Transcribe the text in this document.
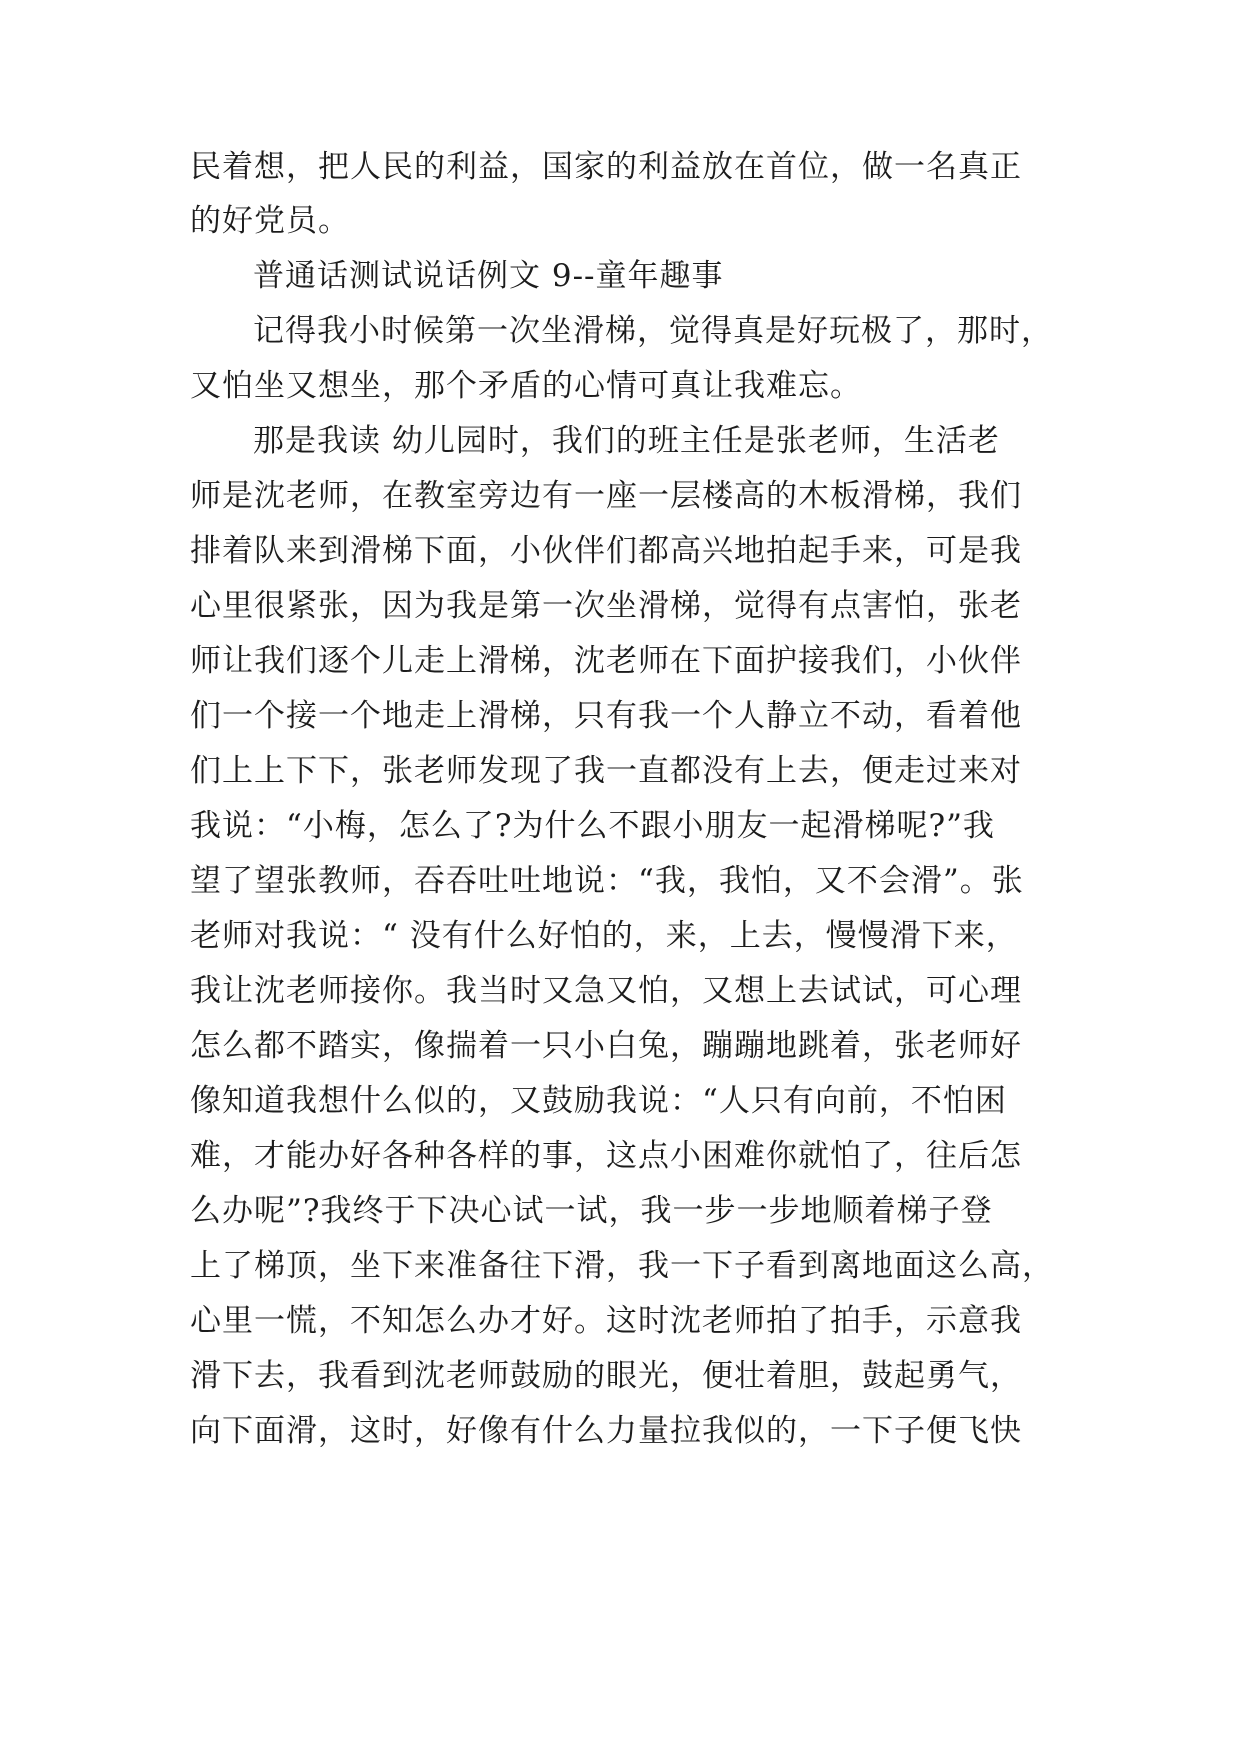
民着想，把人民的利益，国家的利益放在首位，做一名真正
的好党员。
普通话测试说话例文 9--童年趣事
记得我小时候第一次坐滑梯，觉得真是好玩极了，那时，
又怕坐又想坐，那个矛盾的心情可真让我难忘。
那是我读 幼儿园时，我们的班主任是张老师，生活老
师是沈老师，在教室旁边有一座一层楼高的木板滑梯，我们
排着队来到滑梯下面，小伙伴们都高兴地拍起手来，可是我
心里很紧张，因为我是第一次坐滑梯，觉得有点害怕，张老
师让我们逐个儿走上滑梯，沈老师在下面护接我们，小伙伴
们一个接一个地走上滑梯，只有我一个人静立不动，看着他
们上上下下，张老师发现了我一直都没有上去，便走过来对
我说：“小梅，怎么了?为什么不跟小朋友一起滑梯呢?”我
望了望张教师，吞吞吐吐地说：“我，我怕，又不会滑”。张
老师对我说：“ 没有什么好怕的，来，上去，慢慢滑下来，
我让沈老师接你。我当时又急又怕，又想上去试试，可心理
怎么都不踏实，像揣着一只小白兔，蹦蹦地跳着，张老师好
像知道我想什么似的，又鼓励我说：“人只有向前，不怕困
难，才能办好各种各样的事，这点小困难你就怕了，往后怎
么办呢”?我终于下决心试一试，我一步一步地顺着梯子登
上了梯顶，坐下来准备往下滑，我一下子看到离地面这么高，
心里一慌，不知怎么办才好。这时沈老师拍了拍手，示意我
滑下去，我看到沈老师鼓励的眼光，便壮着胆，鼓起勇气，
向下面滑，这时，好像有什么力量拉我似的，一下子便飞快
